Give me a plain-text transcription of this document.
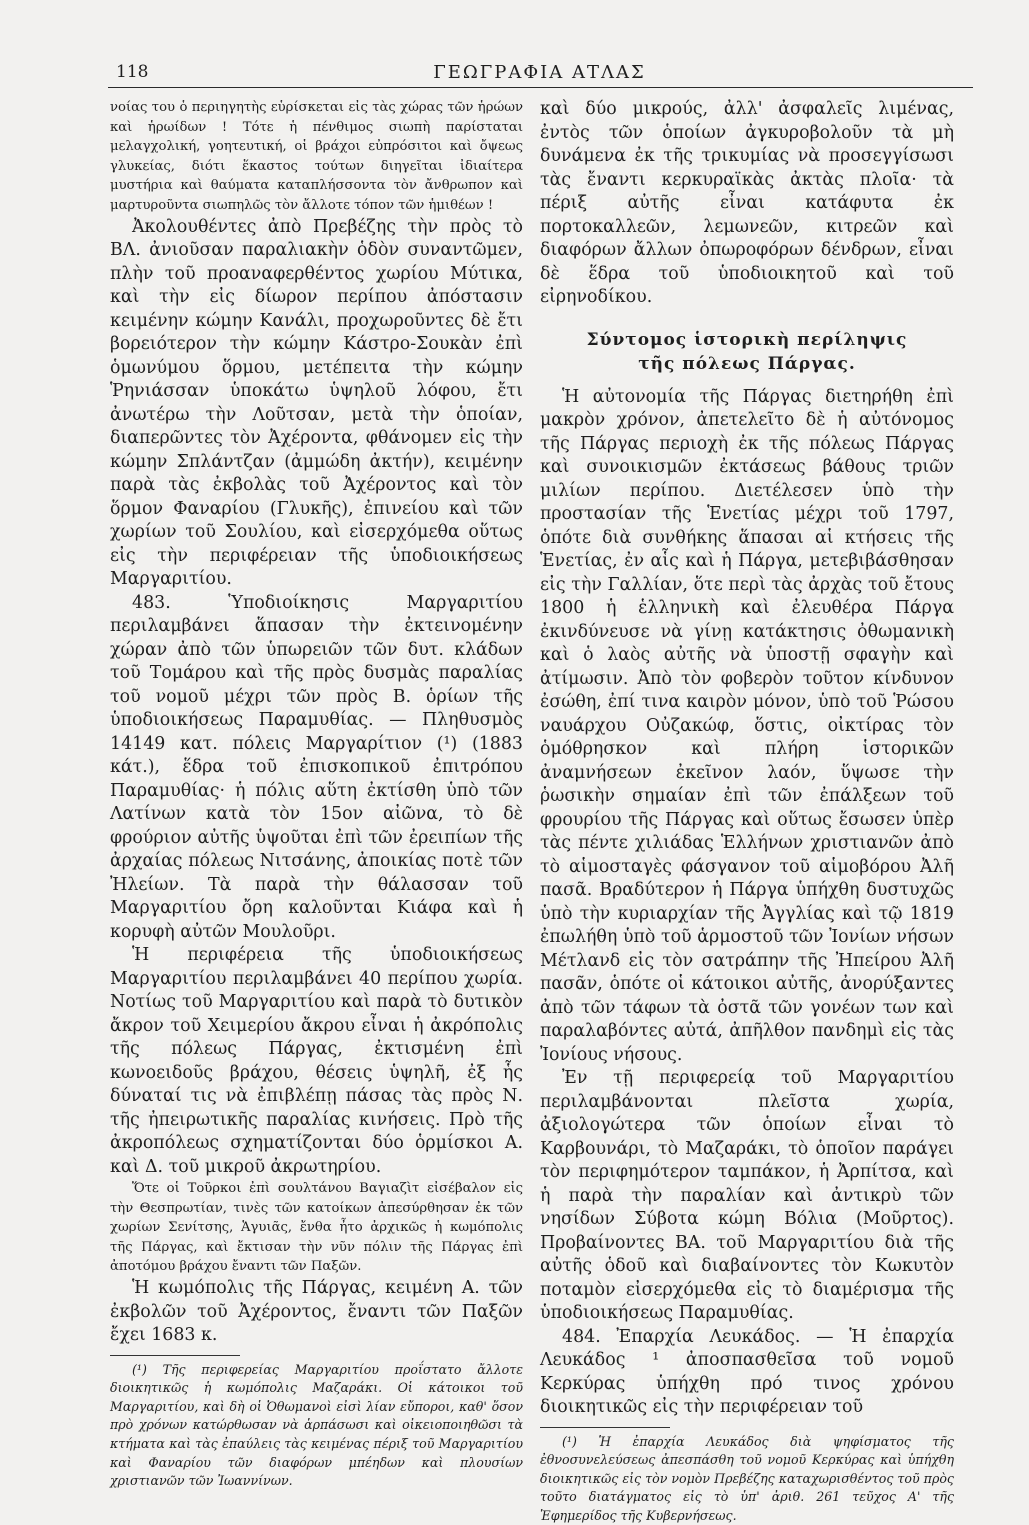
118	ΓΕΩΓΡΑΦΙΑ ΑΤΛΑΣ

νοίας του ὁ περιηγητὴς εὑρίσκεται εἰς τὰς χώρας τῶν ἡρώων καὶ ἡρωίδων ! Τότε ἡ πένθιμος σιωπὴ παρίσταται μελαγχολική, γοητευτική, οἱ βράχοι εὐπρόσιτοι καὶ ὄψεως γλυκείας, διότι ἕκαστος τούτων διηγεῖται ἰδιαίτερα μυστήρια καὶ θαύματα καταπλήσσοντα τὸν ἄνθρωπον καὶ μαρτυροῦντα σιωπηλῶς τὸν ἄλλοτε τόπον τῶν ἡμιθέων !

Ἀκολουθέντες ἀπὸ Πρεβέζης τὴν πρὸς τὸ ΒΛ. ἀνιοῦσαν παραλιακὴν ὁδὸν συναντῶμεν, πλὴν τοῦ προαναφερθέντος χωρίου Μύτικα, καὶ τὴν εἰς δίωρον περίπου ἀπόστασιν κειμένην κώμην Κανάλι, προχωροῦντες δὲ ἔτι βορειότερον τὴν κώμην Κάστρο-Σουκὰν ἐπὶ ὁμωνύμου ὅρμου, μετέπειτα τὴν κώμην Ῥηνιάσσαν ὑποκάτω ὑψηλοῦ λόφου, ἔτι ἀνωτέρω τὴν Λοῦτσαν, μετὰ τὴν ὁποίαν, διαπερῶντες τὸν Ἀχέροντα, φθάνομεν εἰς τὴν κώμην Σπλάντζαν (ἀμμώδη ἀκτήν), κειμένην παρὰ τὰς ἐκβολὰς τοῦ Ἀχέροντος καὶ τὸν ὅρμον Φαναρίου (Γλυκῆς), ἐπινείου καὶ τῶν χωρίων τοῦ Σουλίου, καὶ εἰσερχόμεθα οὕτως εἰς τὴν περιφέρειαν τῆς ὑποδιοικήσεως Μαργαριτίου.

483. Ὑποδιοίκησις Μαργαριτίου περιλαμβάνει ἅπασαν τὴν ἐκτεινομένην χώραν ἀπὸ τῶν ὑπωρειῶν τῶν δυτ. κλάδων τοῦ Τομάρου καὶ τῆς πρὸς δυσμὰς παραλίας τοῦ νομοῦ μέχρι τῶν πρὸς Β. ὁρίων τῆς ὑποδιοικήσεως Παραμυθίας. — Πληθυσμὸς 14149 κατ. πόλεις Μαργαρίτιον (¹) (1883 κάτ.), ἕδρα τοῦ ἐπισκοπικοῦ ἐπιτρόπου Παραμυθίας· ἡ πόλις αὕτη ἐκτίσθη ὑπὸ τῶν Λατίνων κατὰ τὸν 15ον αἰῶνα, τὸ δὲ φρούριον αὐτῆς ὑψοῦται ἐπὶ τῶν ἐρειπίων τῆς ἀρχαίας πόλεως Νιτσάνης, ἀποικίας ποτὲ τῶν Ἠλείων. Τὰ παρὰ τὴν θάλασσαν τοῦ Μαργαριτίου ὄρη καλοῦνται Κιάφα καὶ ἡ κορυφὴ αὐτῶν Μουλοῦρι.

Ἡ περιφέρεια τῆς ὑποδιοικήσεως Μαργαριτίου περιλαμβάνει 40 περίπου χωρία. Νοτίως τοῦ Μαργαριτίου καὶ παρὰ τὸ δυτικὸν ἄκρον τοῦ Χειμερίου ἄκρου εἶναι ἡ ἀκρόπολις τῆς πόλεως Πάργας, ἐκτισμένη ἐπὶ κωνοειδοῦς βράχου, θέσεις ὑψηλῆ, ἐξ ἧς δύναταί τις νὰ ἐπιβλέπῃ πάσας τὰς πρὸς Ν. τῆς ἠπειρωτικῆς παραλίας κινήσεις. Πρὸ τῆς ἀκροπόλεως σχηματίζονται δύο ὁρμίσκοι Α. καὶ Δ. τοῦ μικροῦ ἀκρωτηρίου.

Ὅτε οἱ Τοῦρκοι ἐπὶ σουλτάνου Βαγιαζὶτ εἰσέβαλον εἰς τὴν Θεσπρωτίαν, τινὲς τῶν κατοίκων ἀπεσύρθησαν ἐκ τῶν χωρίων Σενίτσης, Ἁγυιᾶς, ἔνθα ἦτο ἀρχικῶς ἡ κωμόπολις τῆς Πάργας, καὶ ἔκτισαν τὴν νῦν πόλιν τῆς Πάργας ἐπὶ ἀποτόμου βράχου ἔναντι τῶν Παξῶν.

Ἡ κωμόπολις τῆς Πάργας, κειμένη Α. τῶν ἐκβολῶν τοῦ Ἀχέροντος, ἔναντι τῶν Παξῶν ἔχει 1683 κ.

(¹) Τῆς περιφερείας Μαργαριτίου προΐστατο ἄλλοτε διοικητικῶς ἡ κωμόπολις Μαζαράκι. Οἱ κάτοικοι τοῦ Μαργαριτίου, καὶ δὴ οἱ Ὀθωμανοὶ εἰσὶ λίαν εὔποροι, καθ' ὅσον πρὸ χρόνων κατώρθωσαν νὰ ἁρπάσωσι καὶ οἰκειοποιηθῶσι τὰ κτήματα καὶ τὰς ἐπαύλεις τὰς κειμένας πέριξ τοῦ Μαργαριτίου καὶ Φαναρίου τῶν διαφόρων μπέηδων καὶ πλουσίων χριστιανῶν τῶν Ἰωαννίνων.

καὶ δύο μικρούς, ἀλλ' ἀσφαλεῖς λιμένας, ἐντὸς τῶν ὁποίων ἀγκυροβολοῦν τὰ μὴ δυνάμενα ἐκ τῆς τρικυμίας νὰ προσεγγίσωσι τὰς ἔναντι κερκυραϊκὰς ἀκτὰς πλοῖα· τὰ πέριξ αὐτῆς εἶναι κατάφυτα ἐκ πορτοκαλλεῶν, λεμωνεῶν, κιτρεῶν καὶ διαφόρων ἄλλων ὀπωροφόρων δένδρων, εἶναι δὲ ἕδρα τοῦ ὑποδιοικητοῦ καὶ τοῦ εἰρηνοδίκου.

Σύντομος ἱστορικὴ περίληψις
τῆς πόλεως Πάργας.

Ἡ αὐτονομία τῆς Πάργας διετηρήθη ἐπὶ μακρὸν χρόνον, ἀπετελεῖτο δὲ ἡ αὐτόνομος τῆς Πάργας περιοχὴ ἐκ τῆς πόλεως Πάργας καὶ συνοικισμῶν ἐκτάσεως βάθους τριῶν μιλίων περίπου. Διετέλεσεν ὑπὸ τὴν προστασίαν τῆς Ἑνετίας μέχρι τοῦ 1797, ὁπότε διὰ συνθήκης ἅπασαι αἱ κτήσεις τῆς Ἑνετίας, ἐν αἷς καὶ ἡ Πάργα, μετεβιβάσθησαν εἰς τὴν Γαλλίαν, ὅτε περὶ τὰς ἀρχὰς τοῦ ἔτους 1800 ἡ ἑλληνικὴ καὶ ἐλευθέρα Πάργα ἐκινδύνευσε νὰ γίνῃ κατάκτησις ὀθωμανικὴ καὶ ὁ λαὸς αὐτῆς νὰ ὑποστῇ σφαγὴν καὶ ἀτίμωσιν. Ἀπὸ τὸν φοβερὸν τοῦτον κίνδυνον ἐσώθη, ἐπί τινα καιρὸν μόνον, ὑπὸ τοῦ Ῥώσου ναυάρχου Οὐζακώφ, ὅστις, οἰκτίρας τὸν ὁμόθρησκον καὶ πλήρη ἱστορικῶν ἀναμνήσεων ἐκεῖνον λαόν, ὕψωσε τὴν ῥωσικὴν σημαίαν ἐπὶ τῶν ἐπάλξεων τοῦ φρουρίου τῆς Πάργας καὶ οὕτως ἔσωσεν ὑπὲρ τὰς πέντε χιλιάδας Ἑλλήνων χριστιανῶν ἀπὸ τὸ αἱμοσταγὲς φάσγανον τοῦ αἱμοβόρου Ἀλῆ πασᾶ. Βραδύτερον ἡ Πάργα ὑπήχθη δυστυχῶς ὑπὸ τὴν κυριαρχίαν τῆς Ἀγγλίας καὶ τῷ 1819 ἐπωλήθη ὑπὸ τοῦ ἁρμοστοῦ τῶν Ἰονίων νήσων Μέτλανδ εἰς τὸν σατράπην τῆς Ἠπείρου Ἀλῆ πασᾶν, ὁπότε οἱ κάτοικοι αὐτῆς, ἀνορύξαντες ἀπὸ τῶν τάφων τὰ ὀστᾶ τῶν γονέων των καὶ παραλαβόντες αὐτά, ἀπῆλθον πανδημὶ εἰς τὰς Ἰονίους νήσους.

Ἐν τῇ περιφερείᾳ τοῦ Μαργαριτίου περιλαμβάνονται πλεῖστα χωρία, ἀξιολογώτερα τῶν ὁποίων εἶναι τὸ Καρβουνάρι, τὸ Μαζαράκι, τὸ ὁποῖον παράγει τὸν περιφημότερον ταμπάκον, ἡ Ἀρπίτσα, καὶ ἡ παρὰ τὴν παραλίαν καὶ ἀντικρὺ τῶν νησίδων Σύβοτα κώμη Βόλια (Μοῦρτος). Προβαίνοντες ΒΑ. τοῦ Μαργαριτίου διὰ τῆς αὐτῆς ὁδοῦ καὶ διαβαίνοντες τὸν Κωκυτὸν ποταμὸν εἰσερχόμεθα εἰς τὸ διαμέρισμα τῆς ὑποδιοικήσεως Παραμυθίας.

484. Ἐπαρχία Λευκάδος. — Ἡ ἐπαρχία Λευκάδος ¹ ἀποσπασθεῖσα τοῦ νομοῦ Κερκύρας ὑπήχθη πρό τινος χρόνου διοικητικῶς εἰς τὴν περιφέρειαν τοῦ

(¹) Ἡ ἐπαρχία Λευκάδος διὰ ψηφίσματος τῆς ἐθνοσυνελεύσεως ἀπεσπάσθη τοῦ νομοῦ Κερκύρας καὶ ὑπήχθη διοικητικῶς εἰς τὸν νομὸν Πρεβέζης καταχωρισθέντος τοῦ πρὸς τοῦτο διατάγματος εἰς τὸ ὑπ' ἀριθ. 261 τεῦχος Α' τῆς Ἐφημερίδος τῆς Κυβερνήσεως.
